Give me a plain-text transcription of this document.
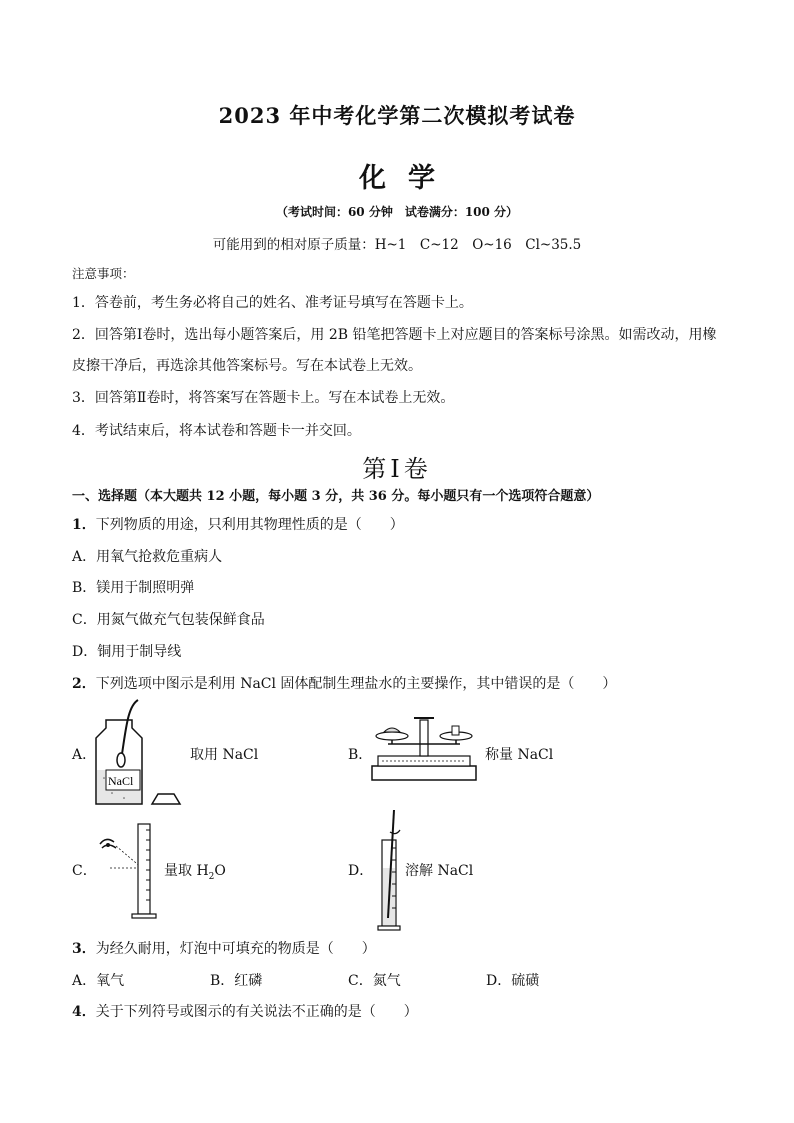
2023 年中考化学第二次模拟考试卷
化学
（考试时间：60 分钟　试卷满分：100 分）
可能用到的相对原子质量：H~1　C~12　O~16　Cl~35.5
注意事项：
1．答卷前，考生务必将自己的姓名、准考证号填写在答题卡上。
2．回答第Ⅰ卷时，选出每小题答案后，用 2B 铅笔把答题卡上对应题目的答案标号涂黑。如需改动，用橡
皮擦干净后，再选涂其他答案标号。写在本试卷上无效。
3．回答第Ⅱ卷时，将答案写在答题卡上。写在本试卷上无效。
4．考试结束后，将本试卷和答题卡一并交回。
第Ⅰ卷
一、选择题（本大题共 12 小题，每小题 3 分，共 36 分。每小题只有一个选项符合题意）
1．下列物质的用途，只利用其物理性质的是（　　）
A．用氧气抢救危重病人
B．镁用于制照明弹
C．用氮气做充气包装保鲜食品
D．铜用于制导线
2．下列选项中图示是利用 NaCl 固体配制生理盐水的主要操作，其中错误的是（　　）
A．
NaCl
取用 NaCl	B．	称量 NaCl
C．	量取 $H_2O$	D． 溶解 NaCl
3．为经久耐用，灯泡中可填充的物质是（　　）
A．氧气	B．红磷	C．氮气	D．硫磺
4．关于下列符号或图示的有关说法不正确的是（　　）
